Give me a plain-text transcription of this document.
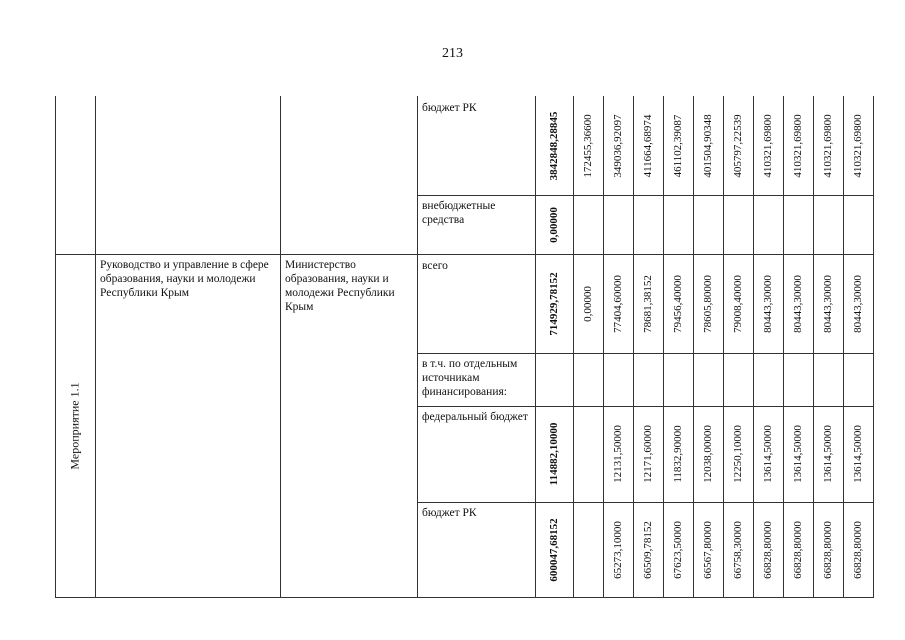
213
Мероприятие 1.1
Руководство и управление в сфере образования, науки и молодежи Республики Крым
Министерство образования, науки и молодежи Республики Крым
бюджет РК
внебюджетные средства
всего
в т.ч. по отдельным источникам финансирования:
федеральный бюджет
бюджет РК
3842848,28845 172455,36600 349036,92097 411664,68974 461102,39087 401504,90348 405797,22539 410321,69800 410321,69800 410321,69800 410321,69800
0,00000
714929,78152 0,00000 77404,60000 78681,38152 79456,40000 78605,80000 79008,40000 80443,30000 80443,30000 80443,30000 80443,30000
114882,10000	12131,50000 12171,60000 11832,90000 12038,00000 12250,10000 13614,50000 13614,50000 13614,50000 13614,50000
600047,68152	65273,10000 66509,78152 67623,50000 66567,80000 66758,30000 66828,80000 66828,80000 66828,80000 66828,80000
